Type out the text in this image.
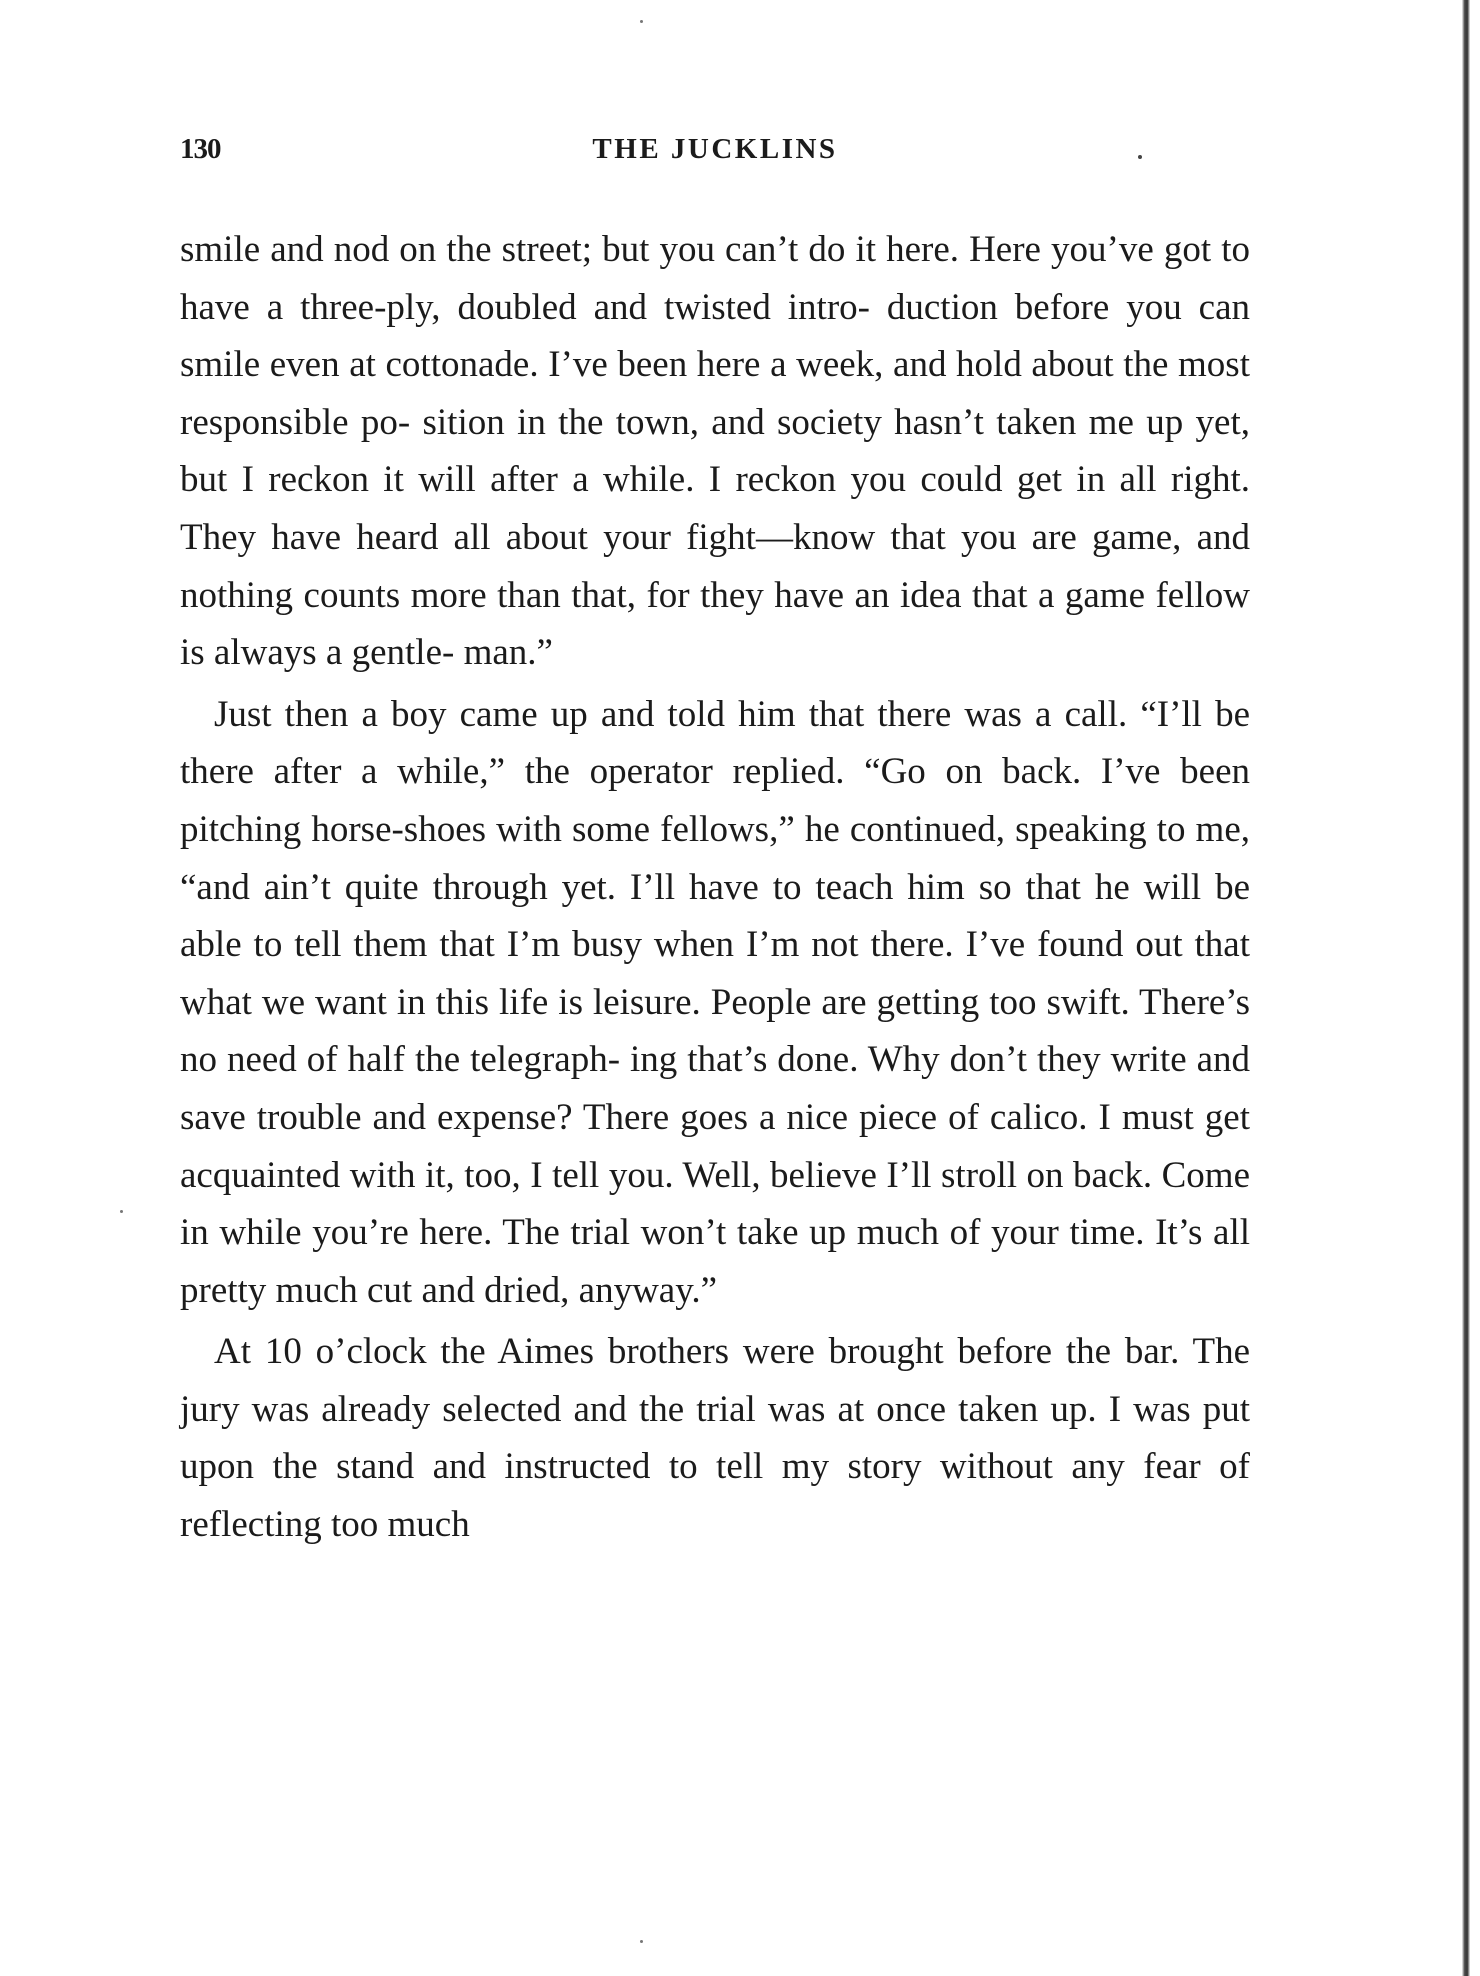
130	THE JUCKLINS

smile and nod on the street; but you can’t do it here. Here you’ve got to have a three-ply, doubled and twisted intro- duction before you can smile even at cottonade. I’ve been here a week, and hold about the most responsible po- sition in the town, and society hasn’t taken me up yet, but I reckon it will after a while. I reckon you could get in all right. They have heard all about your fight—know that you are game, and nothing counts more than that, for they have an idea that a game fellow is always a gentle- man.”

Just then a boy came up and told him that there was a call. “I’ll be there after a while,” the operator replied. “Go on back. I’ve been pitching horse-shoes with some fellows,” he continued, speaking to me, “and ain’t quite through yet. I’ll have to teach him so that he will be able to tell them that I’m busy when I’m not there. I’ve found out that what we want in this life is leisure. People are getting too swift. There’s no need of half the telegraph- ing that’s done. Why don’t they write and save trouble and expense? There goes a nice piece of calico. I must get acquainted with it, too, I tell you. Well, believe I’ll stroll on back. Come in while you’re here. The trial won’t take up much of your time. It’s all pretty much cut and dried, anyway.”

At 10 o’clock the Aimes brothers were brought before the bar. The jury was already selected and the trial was at once taken up. I was put upon the stand and instructed to tell my story without any fear of reflecting too much
